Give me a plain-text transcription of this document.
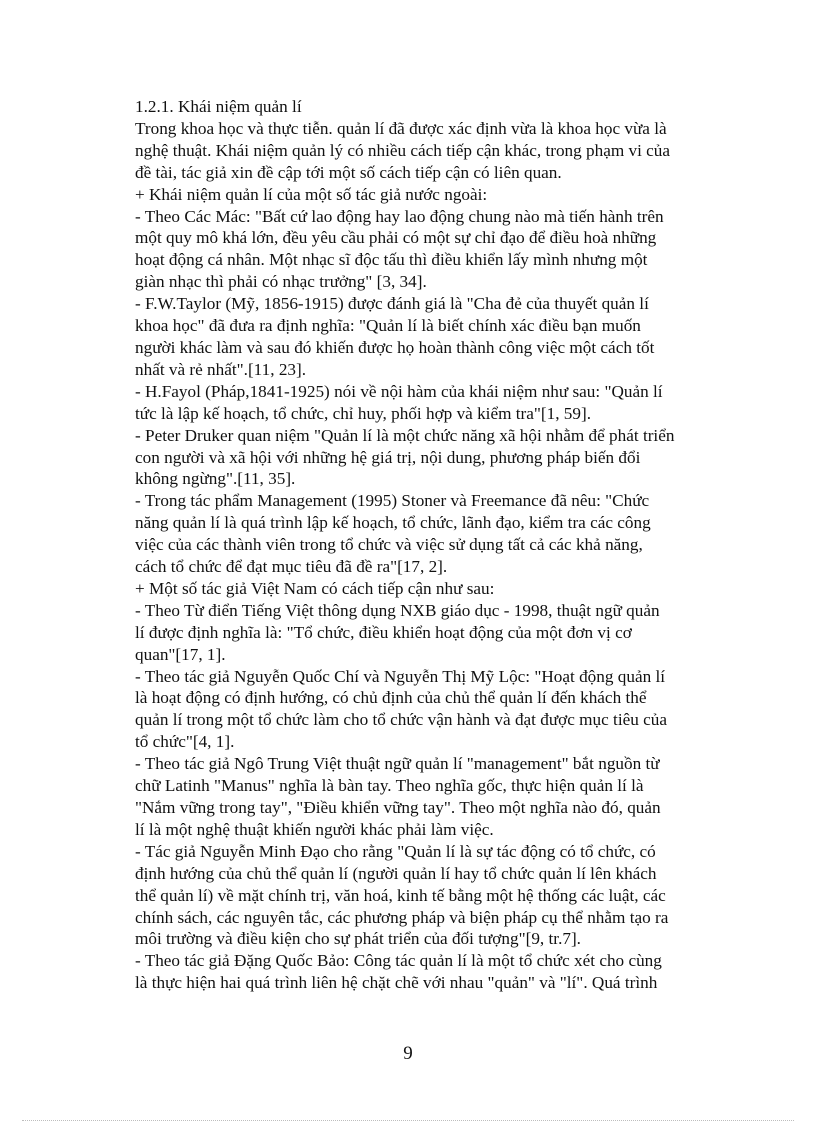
1.2.1. Khái niệm quản lí

Trong khoa học và thực tiễn. quản lí đã được xác định vừa là khoa học vừa là

nghệ thuật. Khái niệm quản lý có nhiều cách tiếp cận khác, trong phạm vi của

đề tài, tác giả xin đề cập tới một số cách tiếp cận có liên quan.

+ Khái niệm quản lí của một số tác giả nước ngoài:

- Theo Các Mác: "Bất cứ lao động hay lao động chung nào mà tiến hành trên

một quy mô khá lớn, đều yêu cầu phải có một sự chỉ đạo để điều hoà những

hoạt động cá nhân. Một nhạc sĩ độc tấu thì điều khiển lấy mình nhưng một

giàn nhạc thì phải có nhạc trưởng" [3, 34].

- F.W.Taylor (Mỹ, 1856-1915) được đánh giá là "Cha đẻ của thuyết quản lí

khoa học" đã đưa ra định nghĩa: "Quản lí là biết chính xác điều bạn muốn

người khác làm và sau đó khiến được họ hoàn thành công việc một cách tốt

nhất và rẻ nhất".[11, 23].

- H.Fayol (Pháp,1841-1925) nói về nội hàm của khái niệm như sau: "Quản lí

tức là lập kế hoạch, tổ chức, chỉ huy, phối hợp và kiểm tra"[1, 59].

- Peter Druker quan niệm "Quản lí là một chức năng xã hội nhằm để phát triển

con người và xã hội với những hệ giá trị, nội dung, phương pháp biến đổi

không ngừng".[11, 35].

- Trong tác phẩm Management (1995) Stoner và Freemance đã nêu: "Chức

năng quản lí là quá trình lập kế hoạch, tổ chức, lãnh đạo, kiểm tra các công

việc của các thành viên trong tổ chức và việc sử dụng tất cả các khả năng,

cách tổ chức để đạt mục tiêu đã đề ra"[17, 2].

+ Một số tác giả Việt Nam có cách tiếp cận như sau:

- Theo Từ điển Tiếng Việt thông dụng NXB giáo dục - 1998, thuật ngữ quản

lí được định nghĩa là: "Tổ chức, điều khiển hoạt động của một đơn vị cơ

quan"[17, 1].

- Theo tác giả Nguyễn Quốc Chí và Nguyễn Thị Mỹ Lộc: "Hoạt động quản lí

là hoạt động có định hướng, có chủ định của chủ thể quản lí đến khách thể

quản lí trong một tổ chức làm cho tổ chức vận hành và đạt được mục tiêu của

tổ chức"[4, 1].

- Theo tác giả Ngô Trung Việt thuật ngữ quản lí "management" bắt nguồn từ

chữ Latinh "Manus" nghĩa là bàn tay. Theo nghĩa gốc, thực hiện quản lí là

"Nắm vững trong tay", "Điều khiển vững tay". Theo một nghĩa nào đó, quản

lí là một nghệ thuật khiến người khác phải làm việc.

- Tác giả Nguyễn Minh Đạo cho rằng "Quản lí là sự tác động có tổ chức, có

định hướng của chủ thể quản lí (người quản lí hay tổ chức quản lí lên khách

thể quản lí) về mặt chính trị, văn hoá, kinh tế bằng một hệ thống các luật, các

chính sách, các nguyên tắc, các phương pháp và biện pháp cụ thể nhằm tạo ra

môi trường và điều kiện cho sự phát triển của đối tượng"[9, tr.7].

- Theo tác giả Đặng Quốc Bảo: Công tác quản lí là một tổ chức xét cho cùng

là thực hiện hai quá trình liên hệ chặt chẽ với nhau "quản" và "lí". Quá trình

9
